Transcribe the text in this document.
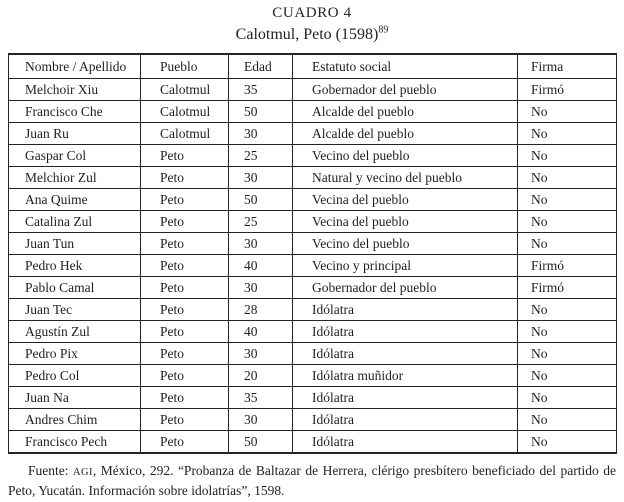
CUADRO 4
Calotmul, Peto $(1598)^{89}$
Nombre / Apellido	Pueblo	Edad	Estatuto social	Firma
Melchoir Xiu	Calotmul	35	Gobernador del pueblo	Firmó
Francisco Che	Calotmul	50	Alcalde del pueblo	No
Juan Ru	Calotmul	30	Alcalde del pueblo	No
Gaspar Col	Peto	25	Vecino del pueblo	No
Melchior Zul	Peto	30	Natural y vecino del pueblo	No
Ana Quime	Peto	50	Vecina del pueblo	No
Catalina Zul	Peto	25	Vecina del pueblo	No
Juan Tun	Peto	30	Vecino del pueblo	No
Pedro Hek	Peto	40	Vecino y principal	Firmó
Pablo Camal	Peto	30	Gobernador del pueblo	Firmó
Juan Tec	Peto	28	Idólatra	No
Agustín Zul	Peto	40	Idólatra	No
Pedro Pix	Peto	30	Idólatra	No
Pedro Col	Peto	20	Idólatra muñidor	No
Juan Na	Peto	35	Idólatra	No
Andres Chim	Peto	30	Idólatra	No
Francisco Pech	Peto	50	Idólatra	No

Fuente: AGI, México, 292. “Probanza de Baltazar de Herrera, clérigo presbítero beneficiado del partido de Peto, Yucatán. Información sobre idolatrías”, 1598.
